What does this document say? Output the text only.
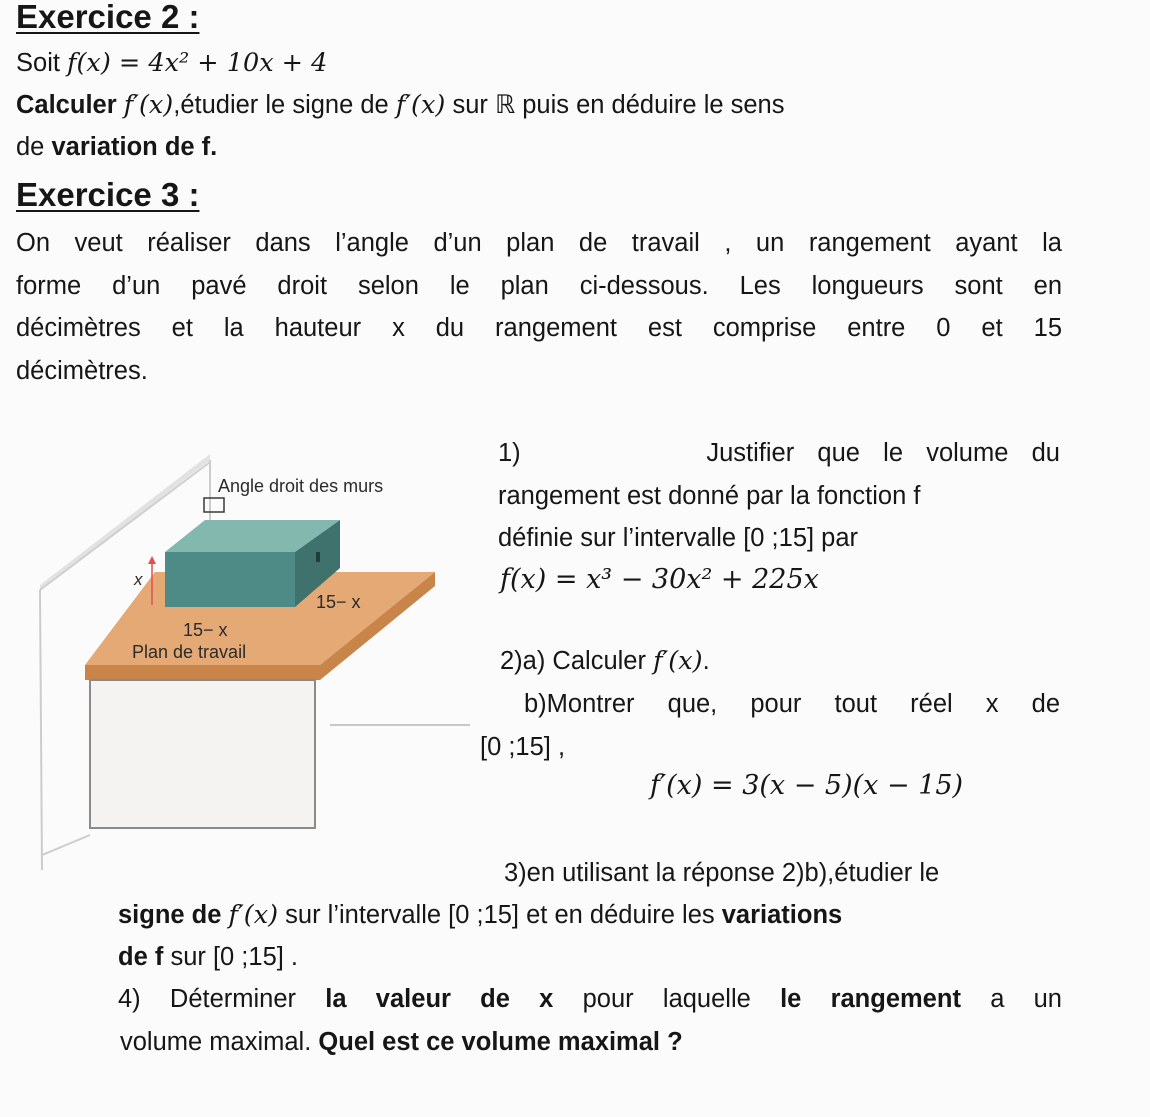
Exercice 2 :
Soit f(x) = 4x² + 10x + 4
Calculer f′(x),étudier le signe de f′(x) sur ℝ puis en déduire le sens
de variation de f.
Exercice 3 :
On veut réaliser dans l’angle d’un plan de travail , un rangement ayant la
forme d’un pavé droit selon le plan ci-dessous. Les longueurs sont en
décimètres et la hauteur x du rangement est comprise entre 0 et 15
décimètres.
Angle droit des murs
x
15− x
15− x
Plan de travail
1)        Justifier que le volume du
rangement est donné par la fonction f
définie sur l’intervalle [0 ;15] par
f(x) = x³ − 30x² + 225x
2)a) Calculer f′(x).
b)Montrer que, pour tout réel x de
[0 ;15] ,
f′(x) = 3(x − 5)(x − 15)
3)en utilisant la réponse 2)b),étudier le
signe de f′(x) sur l’intervalle [0 ;15] et en déduire les variations
de f sur [0 ;15] .
4) Déterminer la valeur de x pour laquelle le rangement a un
volume maximal. Quel est ce volume maximal ?
